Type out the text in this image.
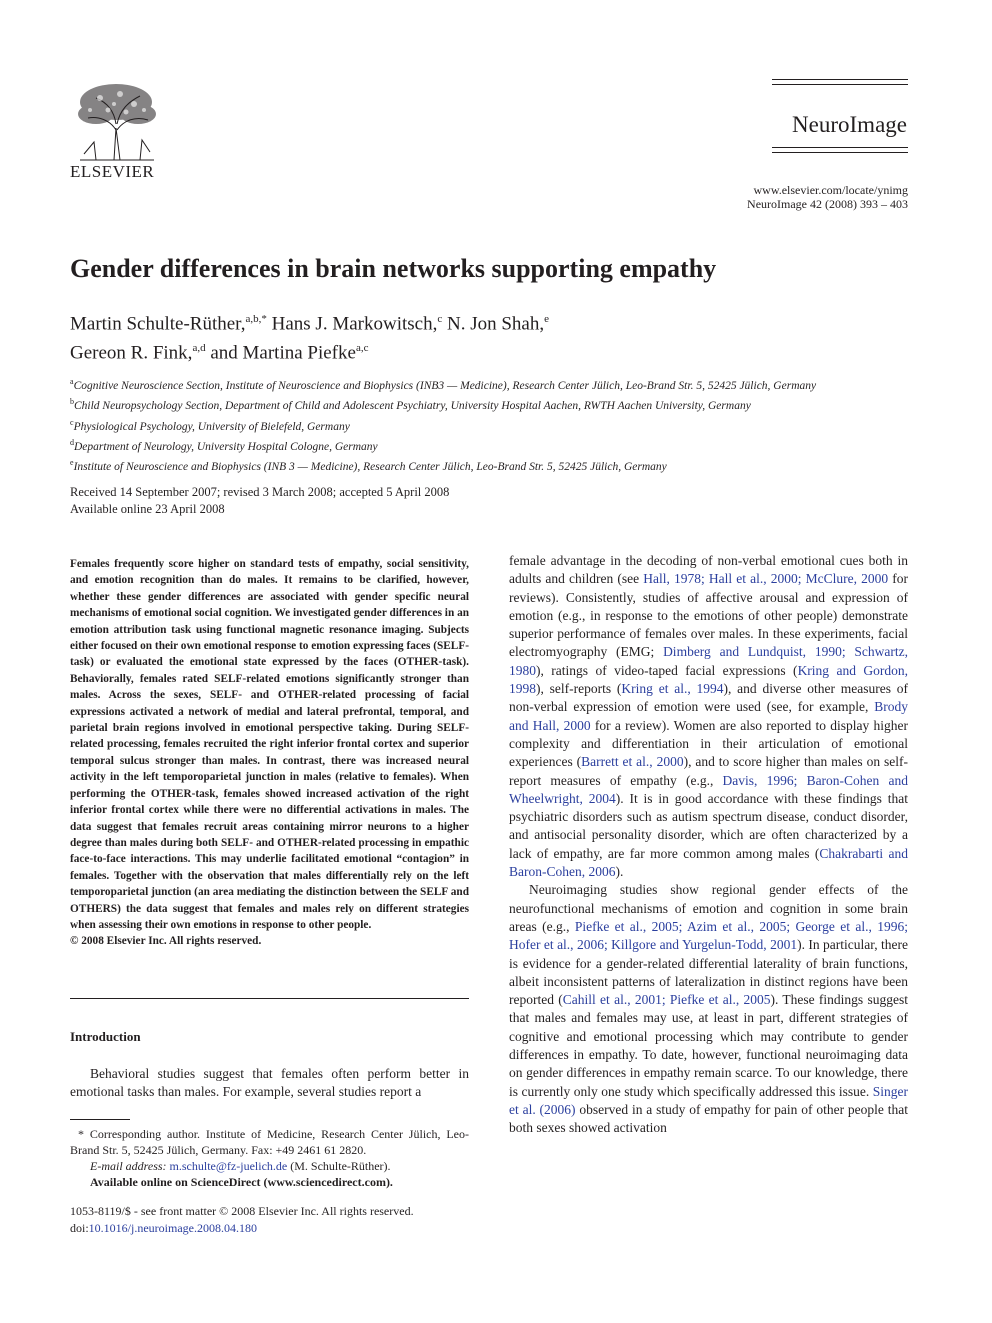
ELSEVIER
NeuroImage
www.elsevier.com/locate/ynimg
NeuroImage 42 (2008) 393 – 403
Gender differences in brain networks supporting empathy
Martin Schulte-Rüther,$^{a,b,*}$ Hans J. Markowitsch,$^c$ N. Jon Shah,$^e$
Gereon R. Fink,$^{a,d}$ and Martina Piefke$^{a,c}$
$^a$Cognitive Neuroscience Section, Institute of Neuroscience and Biophysics (INB3 — Medicine), Research Center Jülich, Leo-Brand Str. 5, 52425 Jülich, Germany
$^b$Child Neuropsychology Section, Department of Child and Adolescent Psychiatry, University Hospital Aachen, RWTH Aachen University, Germany
$^c$Physiological Psychology, University of Bielefeld, Germany
$^d$Department of Neurology, University Hospital Cologne, Germany
$^e$Institute of Neuroscience and Biophysics (INB 3 — Medicine), Research Center Jülich, Leo-Brand Str. 5, 52425 Jülich, Germany
Received 14 September 2007; revised 3 March 2008; accepted 5 April 2008
Available online 23 April 2008

Females frequently score higher on standard tests of empathy, social sensitivity, and emotion recognition than do males. It remains to be clarified, however, whether these gender differences are associated with gender specific neural mechanisms of emotional social cognition. We investigated gender differences in an emotion attribution task using functional magnetic resonance imaging. Subjects either focused on their own emotional response to emotion expressing faces (SELF-task) or evaluated the emotional state expressed by the faces (OTHER-task). Behaviorally, females rated SELF-related emotions significantly stronger than males. Across the sexes, SELF- and OTHER-related processing of facial expressions activated a network of medial and lateral prefrontal, temporal, and parietal brain regions involved in emotional perspective taking. During SELF-related processing, females recruited the right inferior frontal cortex and superior temporal sulcus stronger than males. In contrast, there was increased neural activity in the left temporoparietal junction in males (relative to females). When performing the OTHER-task, females showed increased activation of the right inferior frontal cortex while there were no differential activations in males. The data suggest that females recruit areas containing mirror neurons to a higher degree than males during both SELF- and OTHER-related processing in empathic face-to-face interactions. This may underlie facilitated emotional “contagion” in females. Together with the observation that males differentially rely on the left temporoparietal junction (an area mediating the distinction between the SELF and OTHERS) the data suggest that females and males rely on different strategies when assessing their own emotions in response to other people.

© 2008 Elsevier Inc. All rights reserved.

Introduction

Behavioral studies suggest that females often perform better in emotional tasks than males. For example, several studies report a

* Corresponding author. Institute of Medicine, Research Center Jülich, Leo-Brand Str. 5, 52425 Jülich, Germany. Fax: +49 2461 61 2820.

E-mail address: m.schulte@fz-juelich.de (M. Schulte-Rüther).

Available online on ScienceDirect (www.sciencedirect.com).

1053-8119/$ - see front matter © 2008 Elsevier Inc. All rights reserved.
doi:10.1016/j.neuroimage.2008.04.180

female advantage in the decoding of non-verbal emotional cues both in adults and children (see Hall, 1978; Hall et al., 2000; McClure, 2000 for reviews). Consistently, studies of affective arousal and expression of emotion (e.g., in response to the emotions of other people) demonstrate superior performance of females over males. In these experiments, facial electromyography (EMG; Dimberg and Lundquist, 1990; Schwartz, 1980), ratings of video-taped facial expressions (Kring and Gordon, 1998), self-reports (Kring et al., 1994), and diverse other measures of non-verbal expression of emotion were used (see, for example, Brody and Hall, 2000 for a review). Women are also reported to display higher complexity and differentiation in their articulation of emotional experiences (Barrett et al., 2000), and to score higher than males on self-report measures of empathy (e.g., Davis, 1996; Baron-Cohen and Wheelwright, 2004). It is in good accordance with these findings that psychiatric disorders such as autism spectrum disease, conduct disorder, and antisocial personality disorder, which are often characterized by a lack of empathy, are far more common among males (Chakrabarti and Baron-Cohen, 2006).

Neuroimaging studies show regional gender effects of the neurofunctional mechanisms of emotion and cognition in some brain areas (e.g., Piefke et al., 2005; Azim et al., 2005; George et al., 1996; Hofer et al., 2006; Killgore and Yurgelun-Todd, 2001). In particular, there is evidence for a gender-related differential laterality of brain functions, albeit inconsistent patterns of lateralization in distinct regions have been reported (Cahill et al., 2001; Piefke et al., 2005). These findings suggest that males and females may use, at least in part, different strategies of cognitive and emotional processing which may contribute to gender differences in empathy. To date, however, functional neuroimaging data on gender differences in empathy remain scarce. To our knowledge, there is currently only one study which specifically addressed this issue. Singer et al. (2006) observed in a study of empathy for pain of other people that both sexes showed activation
